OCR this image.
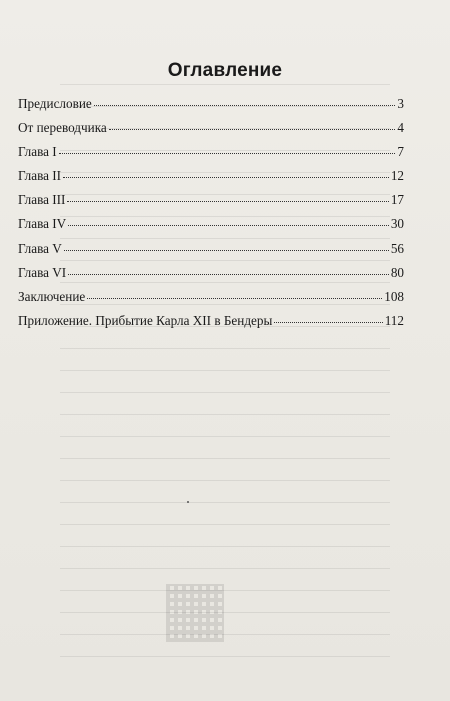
Оглавление
Предисловие	3
От переводчика	4
Глава I	7
Глава II	12
Глава III	17
Глава IV	30
Глава V	56
Глава VI	80
Заключение	108
Приложение. Прибытие Карла XII в Бендеры	112
